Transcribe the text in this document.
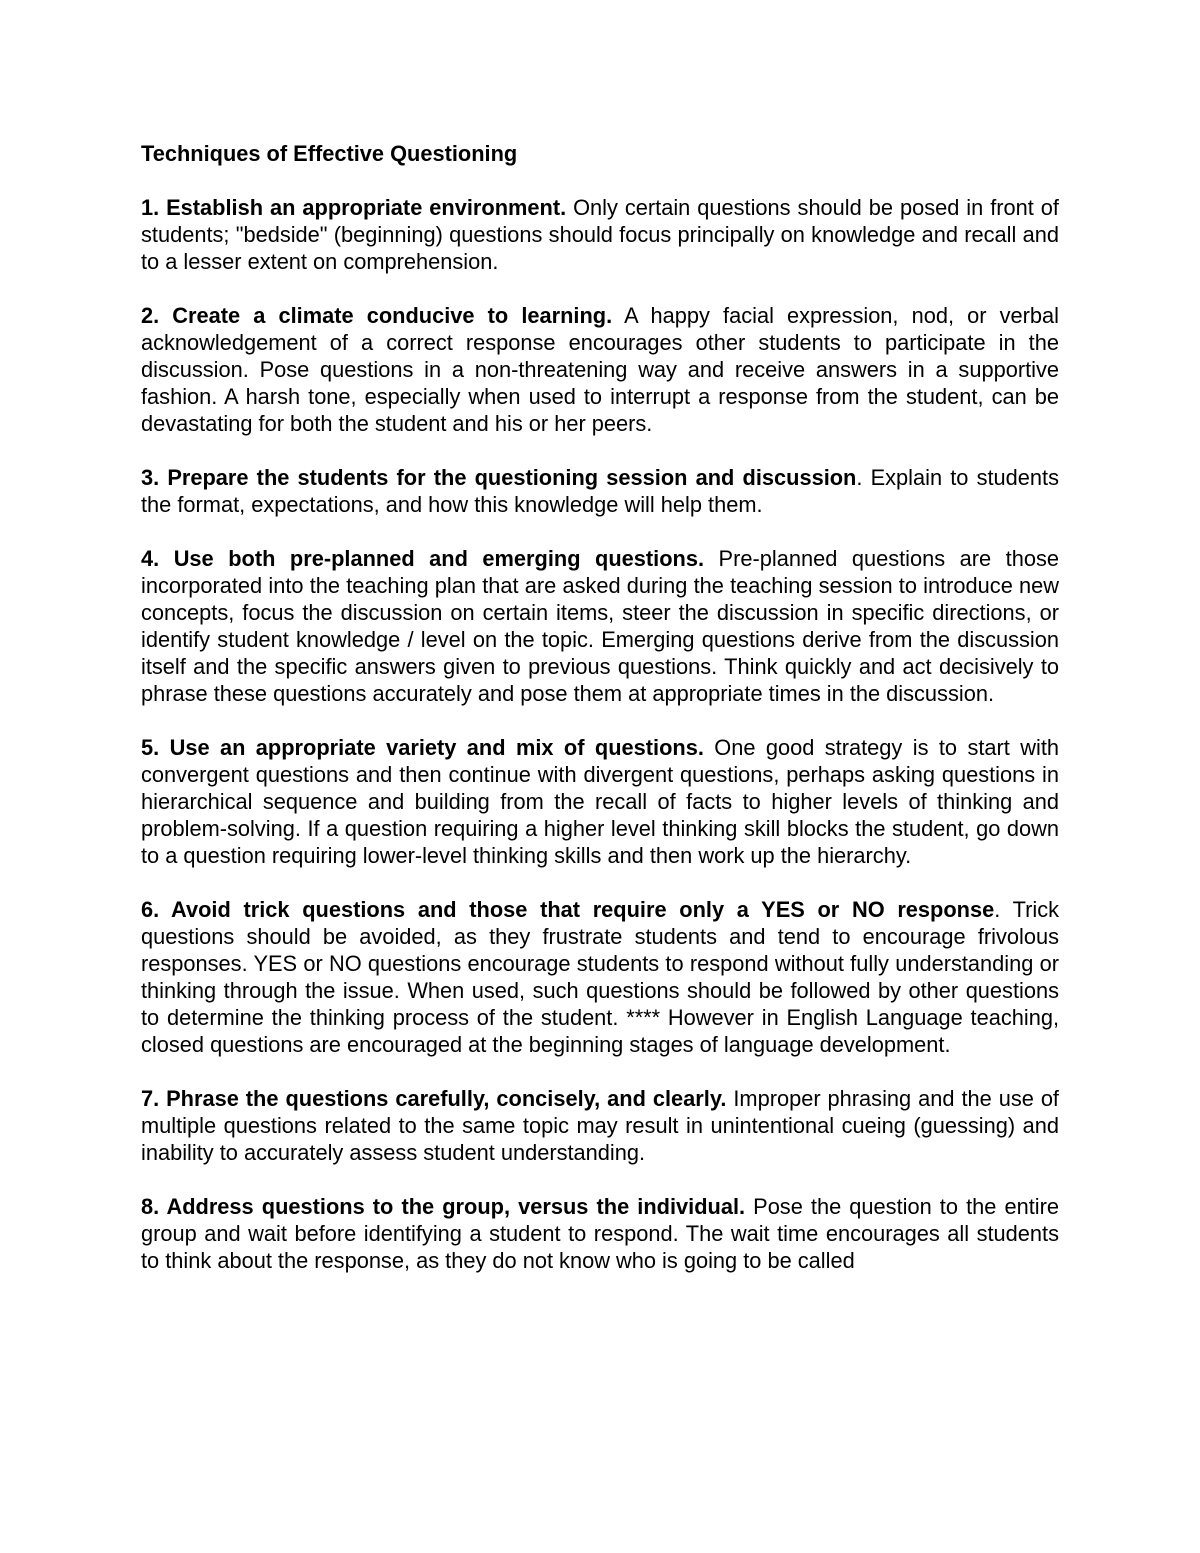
Techniques of Effective Questioning
1. Establish an appropriate environment. Only certain questions should be posed in front of students; "bedside" (beginning) questions should focus principally on knowledge and recall and to a lesser extent on comprehension.
2. Create a climate conducive to learning. A happy facial expression, nod, or verbal acknowledgement of a correct response encourages other students to participate in the discussion. Pose questions in a non-threatening way and receive answers in a supportive fashion. A harsh tone, especially when used to interrupt a response from the student, can be devastating for both the student and his or her peers.
3. Prepare the students for the questioning session and discussion. Explain to students the format, expectations, and how this knowledge will help them.
4. Use both pre-planned and emerging questions. Pre-planned questions are those incorporated into the teaching plan that are asked during the teaching session to introduce new concepts, focus the discussion on certain items, steer the discussion in specific directions, or identify student knowledge / level on the topic. Emerging questions derive from the discussion itself and the specific answers given to previous questions. Think quickly and act decisively to phrase these questions accurately and pose them at appropriate times in the discussion.
5. Use an appropriate variety and mix of questions. One good strategy is to start with convergent questions and then continue with divergent questions, perhaps asking questions in hierarchical sequence and building from the recall of facts to higher levels of thinking and problem-solving. If a question requiring a higher level thinking skill blocks the student, go down to a question requiring lower-level thinking skills and then work up the hierarchy.
6. Avoid trick questions and those that require only a YES or NO response. Trick questions should be avoided, as they frustrate students and tend to encourage frivolous responses. YES or NO questions encourage students to respond without fully understanding or thinking through the issue. When used, such questions should be followed by other questions to determine the thinking process of the student. **** However in English Language teaching, closed questions are encouraged at the beginning stages of language development.
7. Phrase the questions carefully, concisely, and clearly. Improper phrasing and the use of multiple questions related to the same topic may result in unintentional cueing (guessing) and inability to accurately assess student understanding.
8. Address questions to the group, versus the individual. Pose the question to the entire group and wait before identifying a student to respond. The wait time encourages all students to think about the response, as they do not know who is going to be called
